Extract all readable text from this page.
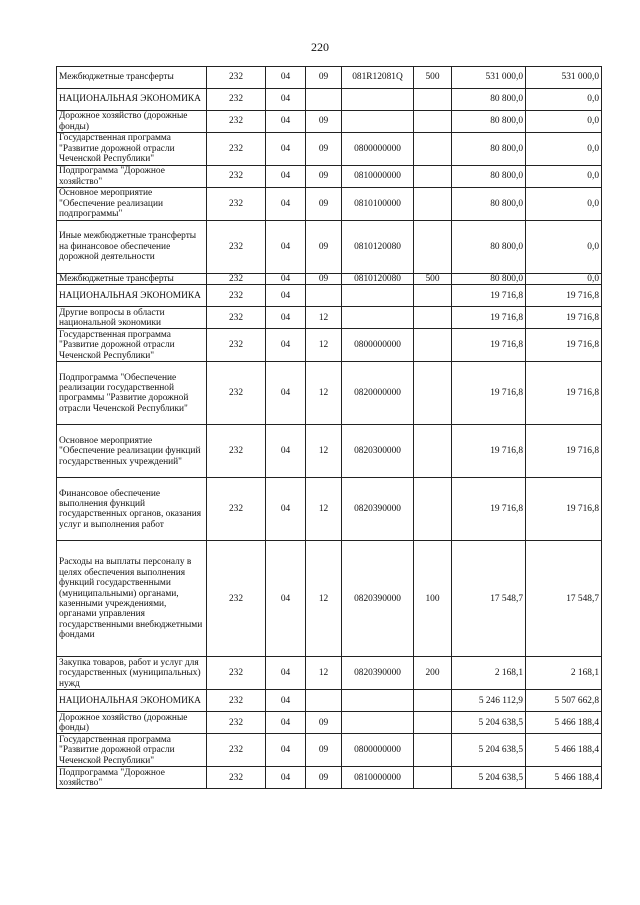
220
Межбюджетные трансферты	232	04	09	081R12081Q	500	531 000,0	531 000,0
НАЦИОНАЛЬНАЯ ЭКОНОМИКА	232	04				80 800,0	0,0
Дорожное хозяйство (дорожные фонды)	232	04	09			80 800,0	0,0
Государственная программа "Развитие дорожной отрасли Чеченской Республики"	232	04	09	0800000000		80 800,0	0,0
Подпрограмма "Дорожное хозяйство"	232	04	09	0810000000		80 800,0	0,0
Основное мероприятие "Обеспечение реализации подпрограммы"	232	04	09	0810100000		80 800,0	0,0
Иные межбюджетные трансферты на финансовое обеспечение дорожной деятельности	232	04	09	0810120080		80 800,0	0,0
Межбюджетные трансферты	232	04	09	0810120080	500	80 800,0	0,0
НАЦИОНАЛЬНАЯ ЭКОНОМИКА	232	04				19 716,8	19 716,8
Другие вопросы в области национальной экономики	232	04	12			19 716,8	19 716,8
Государственная программа "Развитие дорожной отрасли Чеченской Республики"	232	04	12	0800000000		19 716,8	19 716,8
Подпрограмма "Обеспечение реализации государственной программы "Развитие дорожной отрасли Чеченской Республики"	232	04	12	0820000000		19 716,8	19 716,8
Основное мероприятие "Обеспечение реализации функций государственных учреждений"	232	04	12	0820300000		19 716,8	19 716,8
Финансовое обеспечение выполнения функций государственных органов, оказания услуг и выполнения работ	232	04	12	0820390000		19 716,8	19 716,8
Расходы на выплаты персоналу в целях обеспечения выполнения функций государственными (муниципальными) органами, казенными учреждениями, органами управления государственными внебюджетными фондами	232	04	12	0820390000	100	17 548,7	17 548,7
Закупка товаров, работ и услуг для государственных (муниципальных) нужд	232	04	12	0820390000	200	2 168,1	2 168,1
НАЦИОНАЛЬНАЯ ЭКОНОМИКА	232	04				5 246 112,9	5 507 662,8
Дорожное хозяйство (дорожные фонды)	232	04	09			5 204 638,5	5 466 188,4
Государственная программа "Развитие дорожной отрасли Чеченской Республики"	232	04	09	0800000000		5 204 638,5	5 466 188,4
Подпрограмма "Дорожное хозяйство"	232	04	09	0810000000		5 204 638,5	5 466 188,4
